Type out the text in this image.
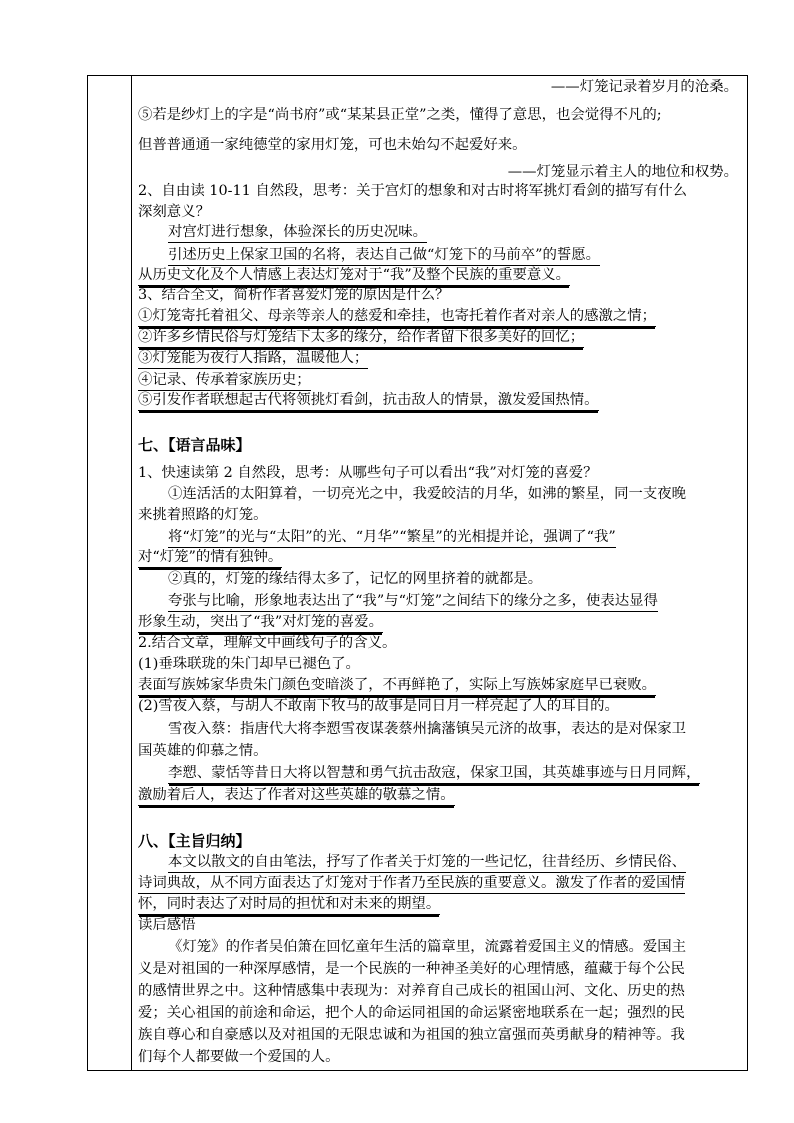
——灯笼记录着岁月的沧桑。
⑤若是纱灯上的字是“尚书府”或“某某县正堂”之类，懂得了意思，也会觉得不凡的;
但普普通通一家纯德堂的家用灯笼，可也未始勾不起爱好来。
——灯笼显示着主人的地位和权势。
2、自由读 10-11 自然段，思考：关于宫灯的想象和对古时将军挑灯看剑的描写有什么
深刻意义？
对宫灯进行想象，体验深长的历史况味。
引述历史上保家卫国的名将，表达自己做“灯笼下的马前卒”的誓愿。
从历史文化及个人情感上表达灯笼对于“我”及整个民族的重要意义。
3、结合全文，简析作者喜爱灯笼的原因是什么？
①灯笼寄托着祖父、母亲等亲人的慈爱和牵挂，也寄托着作者对亲人的感激之情；
②许多乡情民俗与灯笼结下太多的缘分，给作者留下很多美好的回忆；
③灯笼能为夜行人指路，温暖他人；
④记录、传承着家族历史；
⑤引发作者联想起古代将领挑灯看剑，抗击敌人的情景，激发爱国热情。
七、【语言品味】
1、快速读第 2 自然段，思考：从哪些句子可以看出“我”对灯笼的喜爱？
①连活活的太阳算着，一切亮光之中，我爱皎洁的月华，如沸的繁星，同一支夜晚
来挑着照路的灯笼。
将“灯笼”的光与“太阳”的光、“月华”“繁星”的光相提并论，强调了“我”
对“灯笼”的情有独钟。
②真的，灯笼的缘结得太多了，记忆的网里挤着的就都是。
夸张与比喻，形象地表达出了“我”与“灯笼”之间结下的缘分之多，使表达显得
形象生动，突出了“我”对灯笼的喜爱。
2.结合文章，理解文中画线句子的含义。
(1)垂珠联珑的朱门却早已褪色了。
表面写族姊家华贵朱门颜色变暗淡了，不再鲜艳了，实际上写族姊家庭早已衰败。
(2)雪夜入蔡，与胡人不敢南下牧马的故事是同日月一样亮起了人的耳目的。
雪夜入蔡：指唐代大将李愬雪夜谋袭蔡州擒藩镇吴元济的故事，表达的是对保家卫
国英雄的仰慕之情。
李愬、蒙恬等昔日大将以智慧和勇气抗击敌寇，保家卫国，其英雄事迹与日月同辉，
激励着后人，表达了作者对这些英雄的敬慕之情。
八、【主旨归纳】
本文以散文的自由笔法，抒写了作者关于灯笼的一些记忆，往昔经历、乡情民俗、
诗词典故，从不同方面表达了灯笼对于作者乃至民族的重要意义。激发了作者的爱国情
怀，同时表达了对时局的担忧和对未来的期望。
读后感悟
《灯笼》的作者吴伯箫在回忆童年生活的篇章里，流露着爱国主义的情感。爱国主
义是对祖国的一种深厚感情，是一个民族的一种神圣美好的心理情感，蕴藏于每个公民
的感情世界之中。这种情感集中表现为：对养育自己成长的祖国山河、文化、历史的热
爱；关心祖国的前途和命运，把个人的命运同祖国的命运紧密地联系在一起；强烈的民
族自尊心和自豪感以及对祖国的无限忠诚和为祖国的独立富强而英勇献身的精神等。我
们每个人都要做一个爱国的人。
